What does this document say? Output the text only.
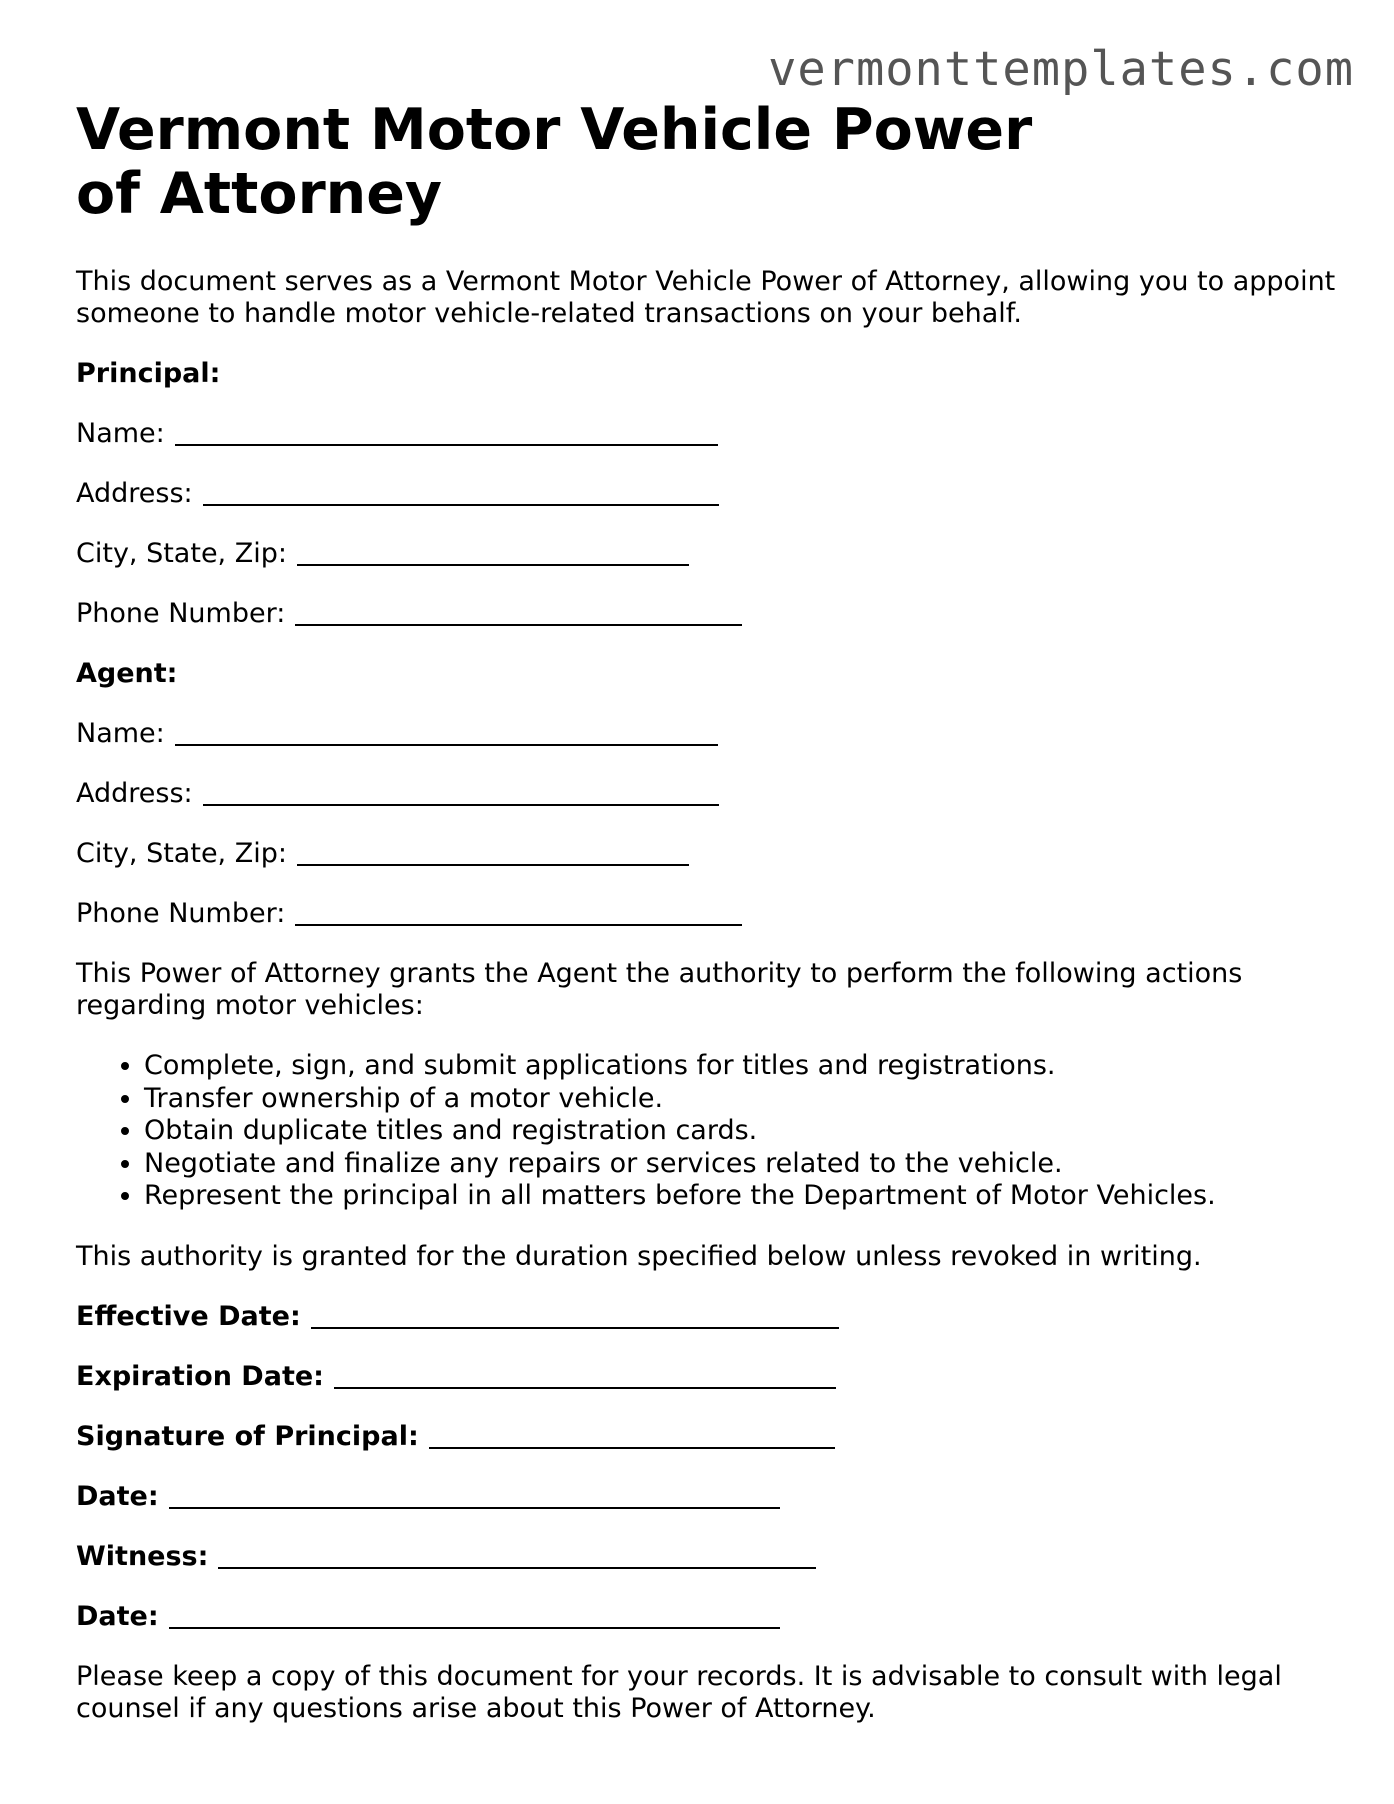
vermonttemplates.com
Vermont Motor Vehicle Power of Attorney

This document serves as a Vermont Motor Vehicle Power of Attorney, allowing you to appoint someone to handle motor vehicle-related transactions on your behalf.

Principal:
Name:
Address:
City, State, Zip:
Phone Number:
Agent:
Name:
Address:
City, State, Zip:
Phone Number:

This Power of Attorney grants the Agent the authority to perform the following actions regarding motor vehicles:

• Complete, sign, and submit applications for titles and registrations.
• Transfer ownership of a motor vehicle.
• Obtain duplicate titles and registration cards.
• Negotiate and finalize any repairs or services related to the vehicle.
• Represent the principal in all matters before the Department of Motor Vehicles.

This authority is granted for the duration specified below unless revoked in writing.

Effective Date:
Expiration Date:
Signature of Principal:
Date:
Witness:
Date:

Please keep a copy of this document for your records. It is advisable to consult with legal counsel if any questions arise about this Power of Attorney.
